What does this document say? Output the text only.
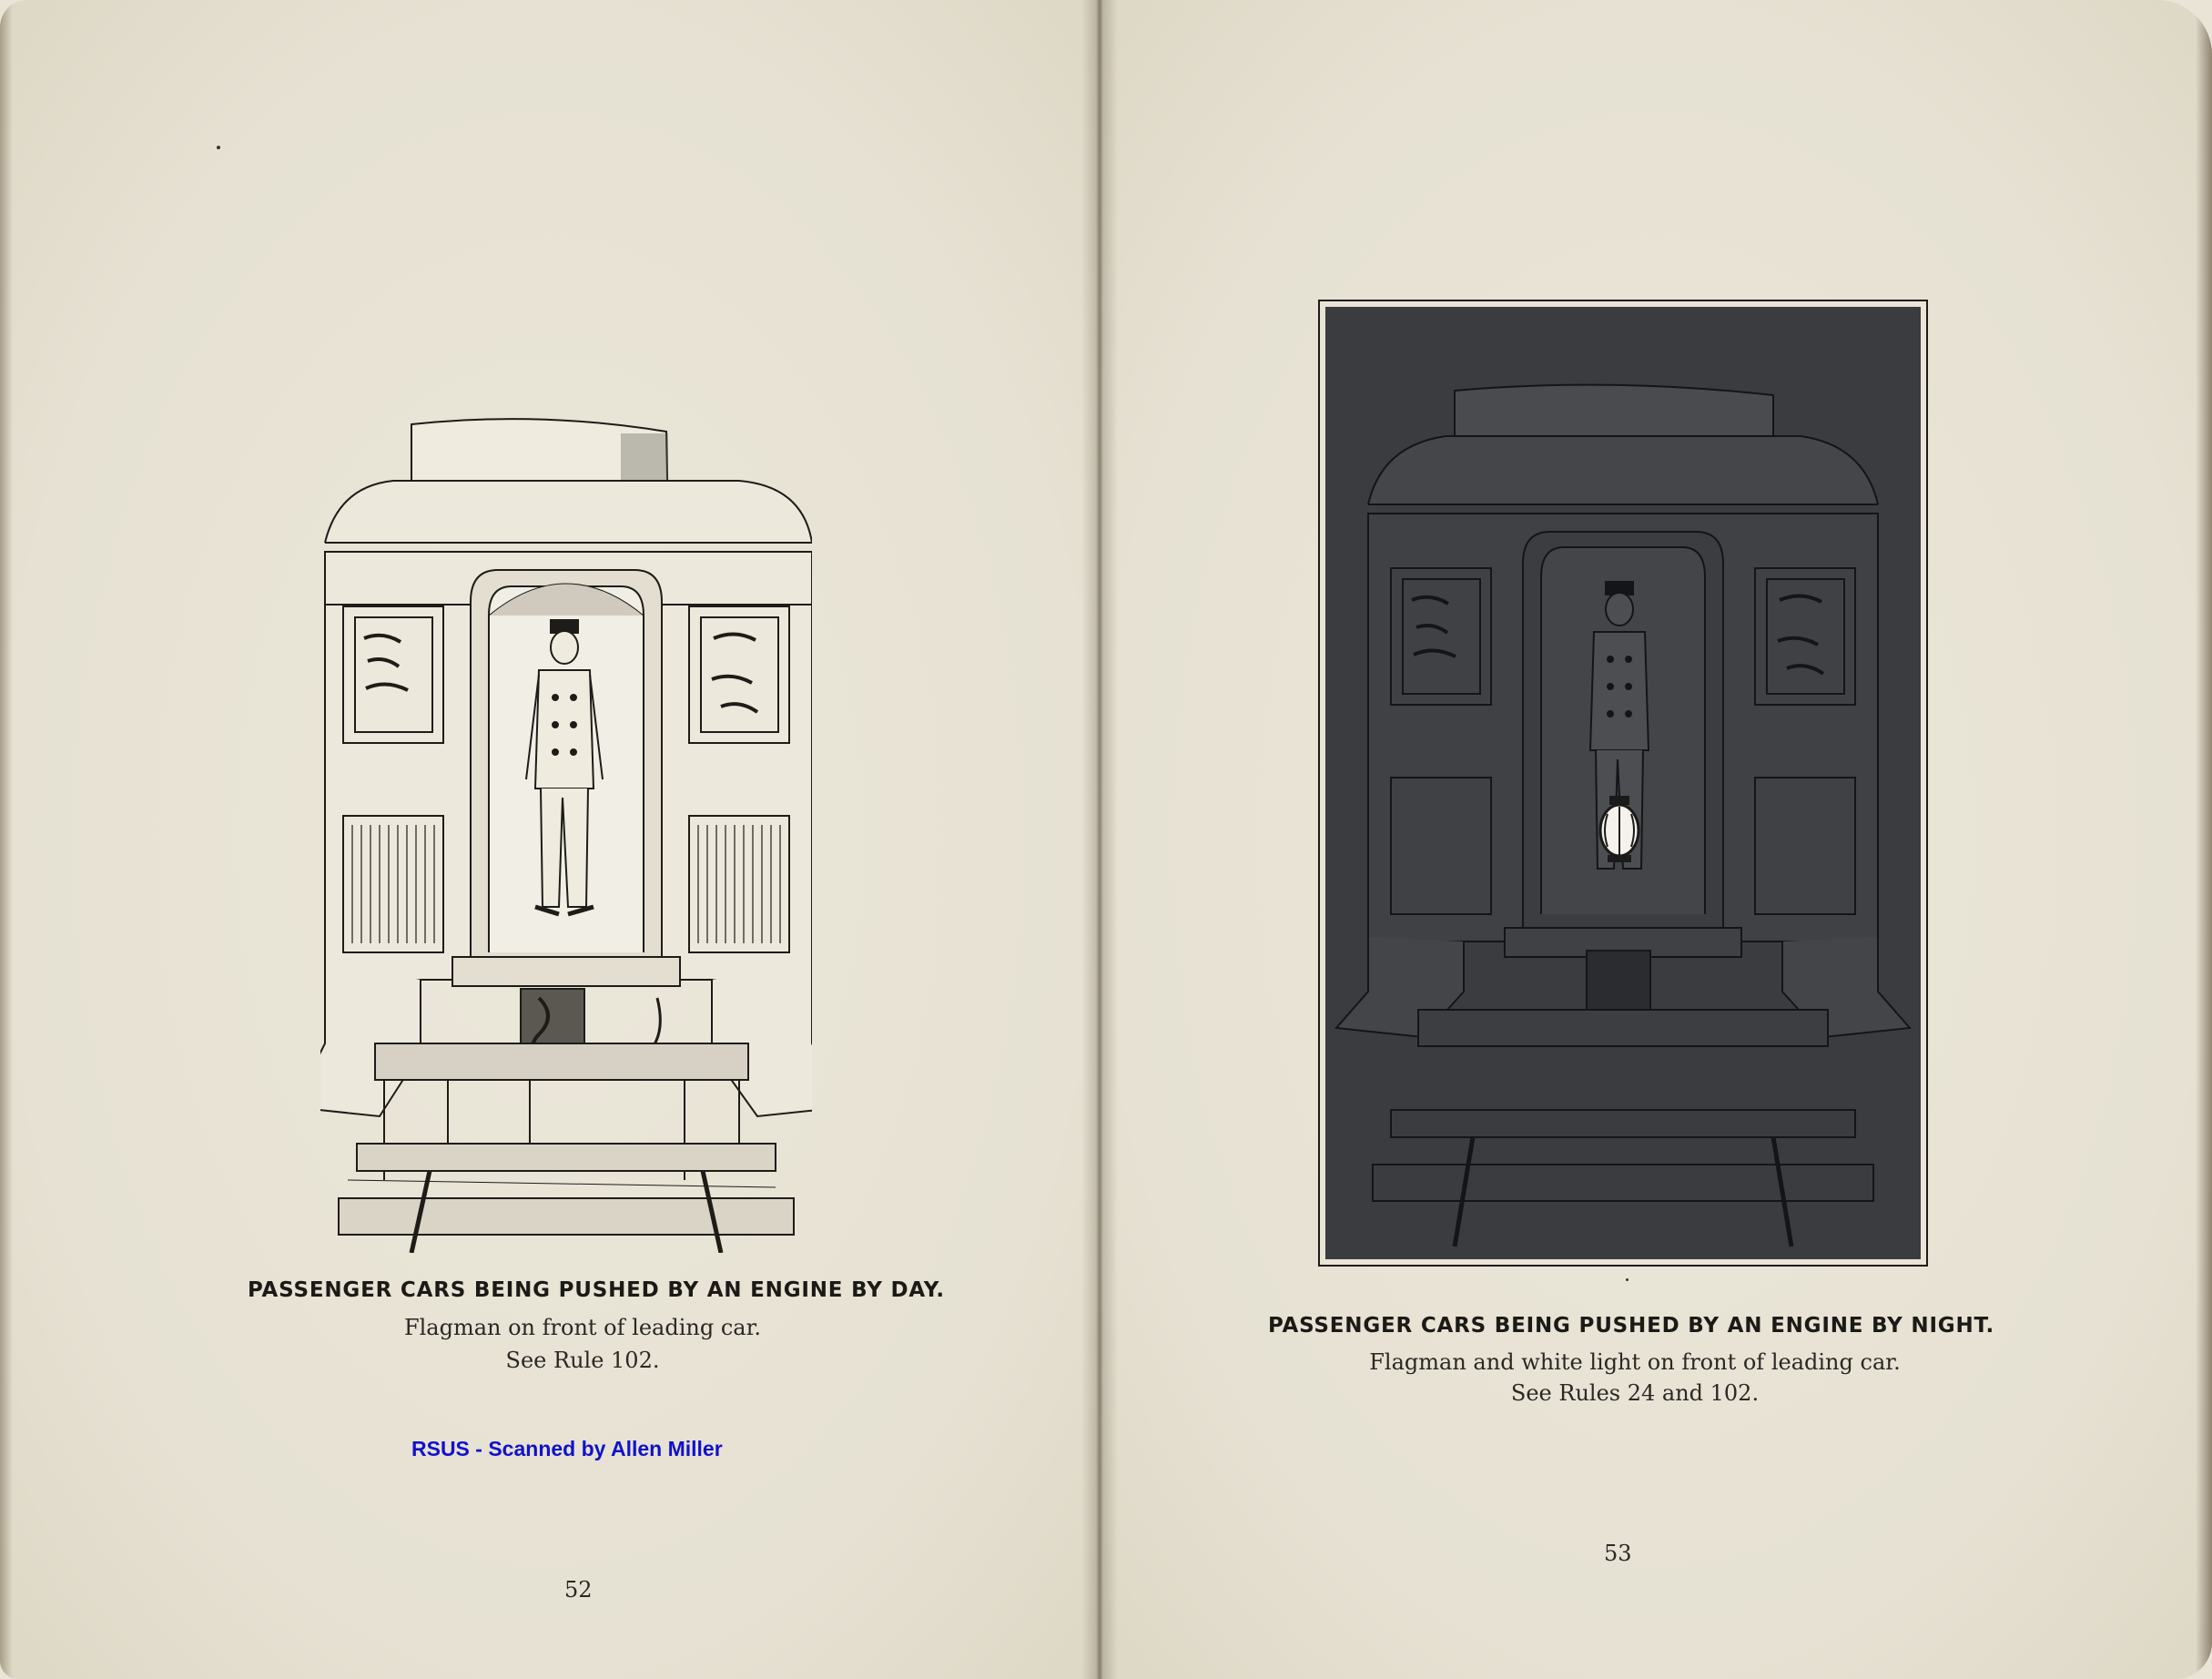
PASSENGER CARS BEING PUSHED BY AN ENGINE BY DAY.
Flagman on front of leading car.
See Rule 102.
RSUS - Scanned by Allen Miller
52
PASSENGER CARS BEING PUSHED BY AN ENGINE BY NIGHT.
Flagman and white light on front of leading car.
See Rules 24 and 102.
53
